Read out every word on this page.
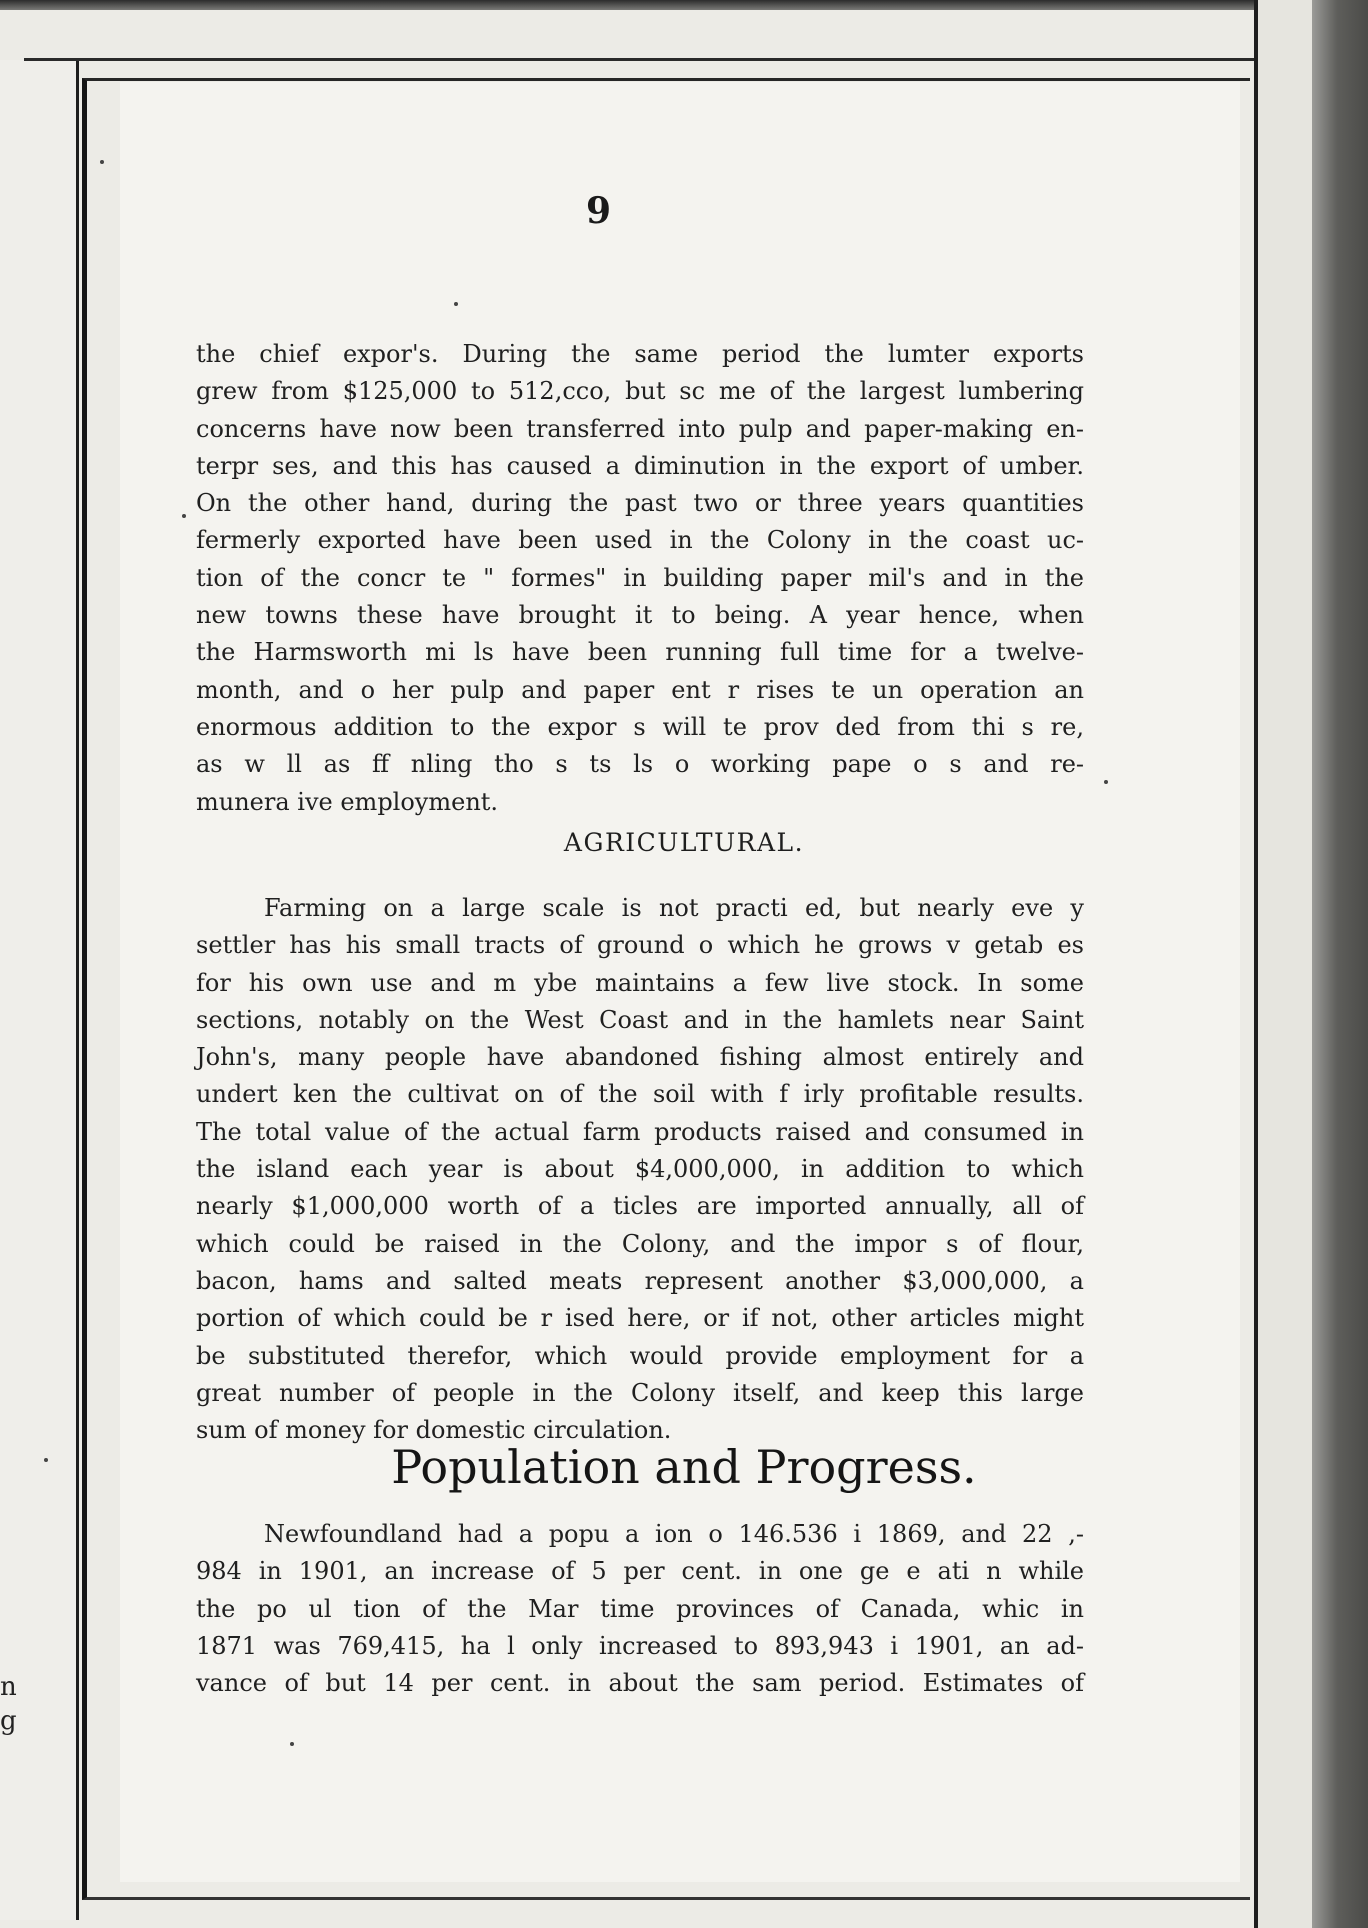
n
g
9
the chief expor's. During the same period the lumter exports
grew from $125,000 to 512,cco, but sc me of the largest lumbering
concerns have now been transferred into pulp and paper-making en-
terpr ses, and this has caused a diminution in the export of umber.
On the other hand, during the past two or three years quantities
fermerly exported have been used in the Colony in the coast uc-
tion of the concr te " formes" in building paper mil's and in the
new towns these have brought it to being. A year hence, when
the Harmsworth mi ls have been running full time for a twelve-
month, and o her pulp and paper ent r rises te un operation an
enormous addition to the expor s will te prov ded from thi s re,
as w ll as ff nling tho s ts ls o working pape o s and re-
munera ive employment.
AGRICULTURAL.
Farming on a large scale is not practi ed, but nearly eve y
settler has his small tracts of ground o which he grows v getab es
for his own use and m ybe maintains a few live stock. In some
sections, notably on the West Coast and in the hamlets near Saint
John's, many people have abandoned fishing almost entirely and
undert ken the cultivat on of the soil with f irly profitable results.
The total value of the actual farm products raised and consumed in
the island each year is about $4,000,000, in addition to which
nearly $1,000,000 worth of a ticles are imported annually, all of
which could be raised in the Colony, and the impor s of flour,
bacon, hams and salted meats represent another $3,000,000, a
portion of which could be r ised here, or if not, other articles might
be substituted therefor, which would provide employment for a
great number of people in the Colony itself, and keep this large
sum of money for domestic circulation.
Population and Progress.
Newfoundland had a popu a ion o 146.536 i 1869, and 22 ,-
984 in 1901, an increase of 5 per cent. in one ge e ati n while
the po ul tion of the Mar time provinces of Canada, whic in
1871 was 769,415, ha l only increased to 893,943 i 1901, an ad-
vance of but 14 per cent. in about the sam period. Estimates of
